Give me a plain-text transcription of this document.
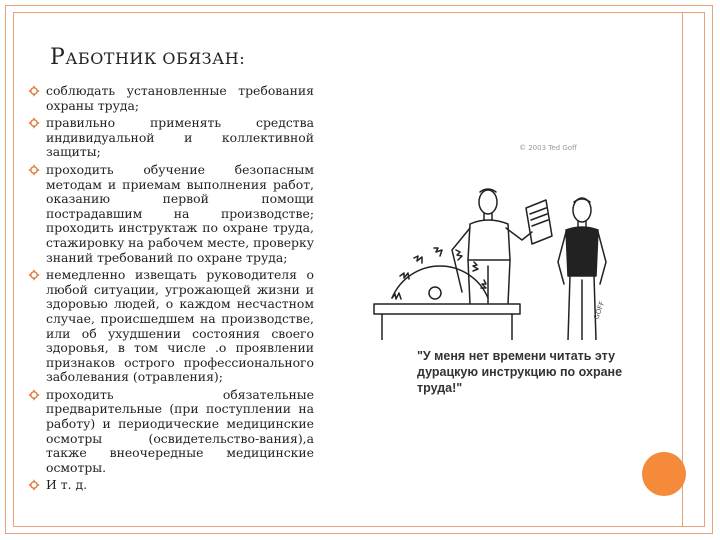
РАБОТНИК ОБЯЗАН:
соблюдать установленные требования охраны труда;
правильно применять средства индивидуальной и коллективной защиты;
проходить обучение безопасным методам и приемам выполнения работ, оказанию первой помощи пострадавшим на производстве; проходить инструктаж по охране труда, стажировку на рабочем месте, проверку знаний требований по охране труда;
немедленно извещать руководителя о любой ситуации, угрожающей жизни и здоровью людей, о каждом несчастном случае, происшедшем на производстве, или об ухудшении состояния своего здоровья, в том числе .о проявлении признаков острого профессионального заболевания (отравления);
проходить обязательные предварительные (при поступлении на работу) и периодические медицинские осмотры (освидетельство-вания),а также внеочередные медицинские осмотры.
И т. д.
© 2003 Ted Goff
GOFF
"У меня нет времени читать эту дурацкую инструкцию по охране труда!"
